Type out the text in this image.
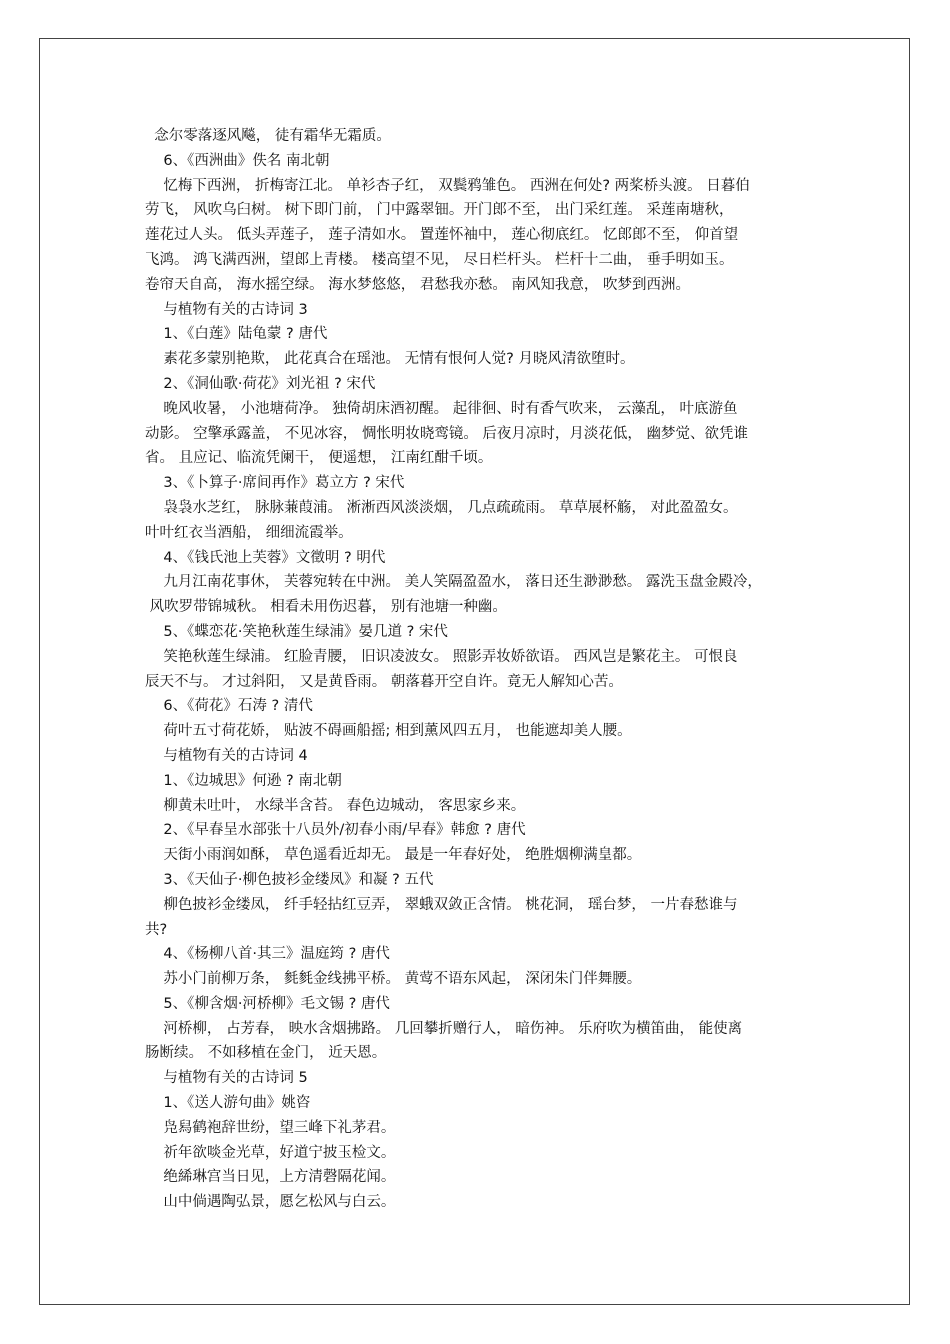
念尔零落逐风飚， 徒有霜华无霜质。
6、《西洲曲》佚名 南北朝
忆梅下西洲， 折梅寄江北。 单衫杏子红， 双鬓鸦雏色。 西洲在何处? 两桨桥头渡。 日暮伯
劳飞， 风吹乌臼树。 树下即门前， 门中露翠钿。开门郎不至， 出门采红莲。 采莲南塘秋，
莲花过人头。 低头弄莲子， 莲子清如水。 置莲怀袖中， 莲心彻底红。 忆郎郎不至， 仰首望
飞鸿。 鸿飞满西洲，望郎上青楼。 楼高望不见， 尽日栏杆头。 栏杆十二曲， 垂手明如玉。
卷帘天自高， 海水摇空绿。 海水梦悠悠， 君愁我亦愁。 南风知我意， 吹梦到西洲。
与植物有关的古诗词 3
1、《白莲》陆龟蒙 ? 唐代
素花多蒙别艳欺， 此花真合在瑶池。 无情有恨何人觉? 月晓风清欲堕时。
2、《洞仙歌·荷花》刘光祖 ? 宋代
晚风收暑， 小池塘荷净。 独倚胡床酒初醒。 起徘徊、时有香气吹来， 云藻乱， 叶底游鱼
动影。 空擎承露盖， 不见冰容， 惆怅明妆晓鸾镜。 后夜月凉时，月淡花低， 幽梦觉、欲凭谁
省。 且应记、临流凭阑干， 便遥想， 江南红酣千顷。
3、《卜算子·席间再作》葛立方 ? 宋代
袅袅水芝红， 脉脉蒹葭浦。 淅淅西风淡淡烟， 几点疏疏雨。 草草展杯觞， 对此盈盈女。
叶叶红衣当酒船， 细细流霞举。
4、《钱氏池上芙蓉》文徵明 ? 明代
九月江南花事休， 芙蓉宛转在中洲。 美人笑隔盈盈水， 落日还生渺渺愁。 露洗玉盘金殿冷，
风吹罗带锦城秋。 相看未用伤迟暮， 别有池塘一种幽。
5、《蝶恋花·笑艳秋莲生绿浦》晏几道 ? 宋代
笑艳秋莲生绿浦。 红脸青腰， 旧识凌波女。 照影弄妆娇欲语。 西风岂是繁花主。 可恨良
辰天不与。 才过斜阳， 又是黄昏雨。 朝落暮开空自许。竟无人解知心苦。
6、《荷花》石涛 ? 清代
荷叶五寸荷花娇， 贴波不碍画船摇; 相到薰风四五月， 也能遮却美人腰。
与植物有关的古诗词 4
1、《边城思》何逊 ? 南北朝
柳黄未吐叶， 水绿半含苔。 春色边城动， 客思家乡来。
2、《早春呈水部张十八员外/初春小雨/早春》韩愈 ? 唐代
天街小雨润如酥， 草色遥看近却无。 最是一年春好处， 绝胜烟柳满皇都。
3、《天仙子·柳色披衫金缕凤》和凝 ? 五代
柳色披衫金缕凤， 纤手轻拈红豆弄， 翠蛾双敛正含情。 桃花洞， 瑶台梦， 一片春愁谁与
共?
4、《杨柳八首·其三》温庭筠 ? 唐代
苏小门前柳万条， 毵毵金线拂平桥。 黄莺不语东风起， 深闭朱门伴舞腰。
5、《柳含烟·河桥柳》毛文锡 ? 唐代
河桥柳， 占芳春， 映水含烟拂路。 几回攀折赠行人， 暗伤神。 乐府吹为横笛曲， 能使离
肠断续。 不如移植在金门， 近天恩。
与植物有关的古诗词 5
1、《送人游句曲》姚咨
凫舄鹤袍辞世纷，望三峰下礼茅君。
祈年欲啖金光草，好道宁披玉检文。
绝絺琳宫当日见，上方清磬隔花闻。
山中倘遇陶弘景，愿乞松风与白云。
